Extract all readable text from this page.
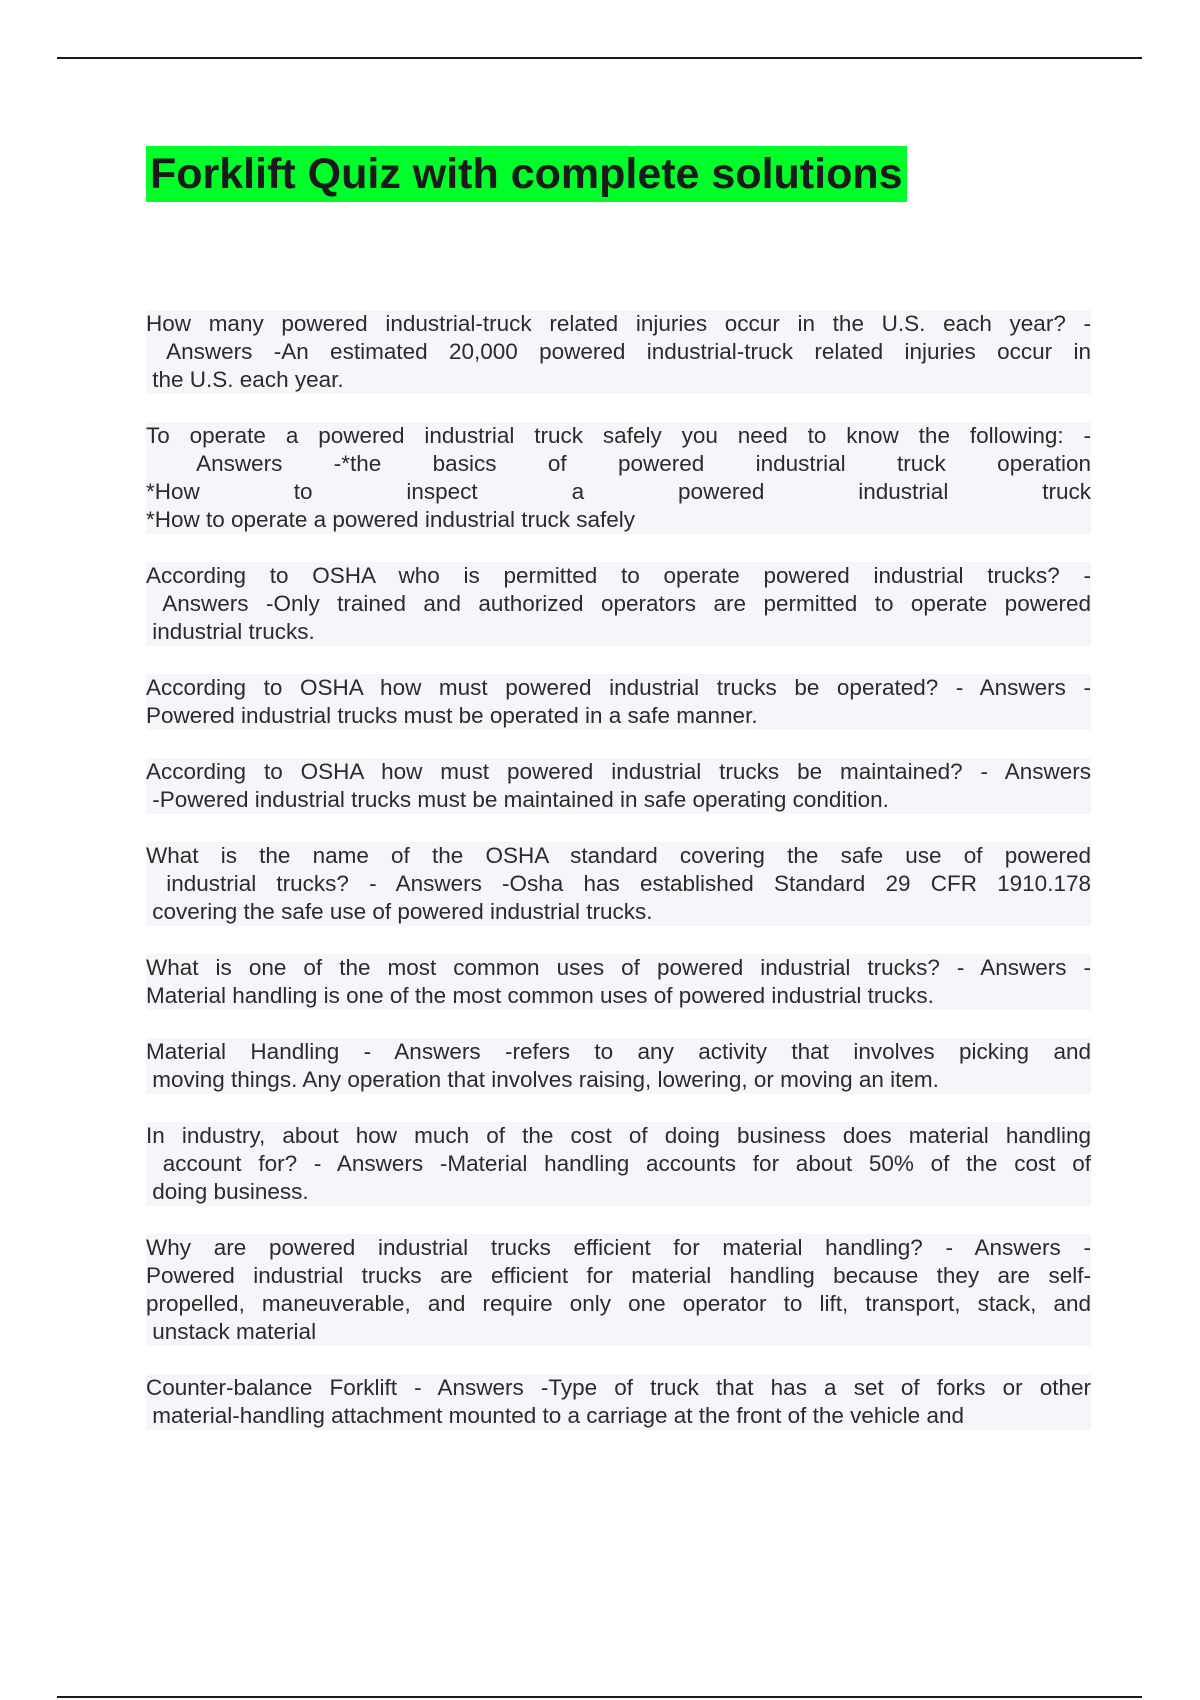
Forklift Quiz with complete solutions
How many powered industrial-truck related injuries occur in the U.S. each year? -
Answers -An estimated 20,000 powered industrial-truck related injuries occur in
the U.S. each year.
To operate a powered industrial truck safely you need to know the following: -
Answers -*the basics of powered industrial truck operation
*How to inspect a powered industrial truck
*How to operate a powered industrial truck safely
According to OSHA who is permitted to operate powered industrial trucks? -
Answers -Only trained and authorized operators are permitted to operate powered
industrial trucks.
According to OSHA how must powered industrial trucks be operated? - Answers -
Powered industrial trucks must be operated in a safe manner.
According to OSHA how must powered industrial trucks be maintained? - Answers
-Powered industrial trucks must be maintained in safe operating condition.
What is the name of the OSHA standard covering the safe use of powered
industrial trucks? - Answers -Osha has established Standard 29 CFR 1910.178
covering the safe use of powered industrial trucks.
What is one of the most common uses of powered industrial trucks? - Answers -
Material handling is one of the most common uses of powered industrial trucks.
Material Handling - Answers -refers to any activity that involves picking and
moving things. Any operation that involves raising, lowering, or moving an item.
In industry, about how much of the cost of doing business does material handling
account for? - Answers -Material handling accounts for about 50% of the cost of
doing business.
Why are powered industrial trucks efficient for material handling? - Answers -
Powered industrial trucks are efficient for material handling because they are self-
propelled, maneuverable, and require only one operator to lift, transport, stack, and
unstack material
Counter-balance Forklift - Answers -Type of truck that has a set of forks or other
material-handling attachment mounted to a carriage at the front of the vehicle and
